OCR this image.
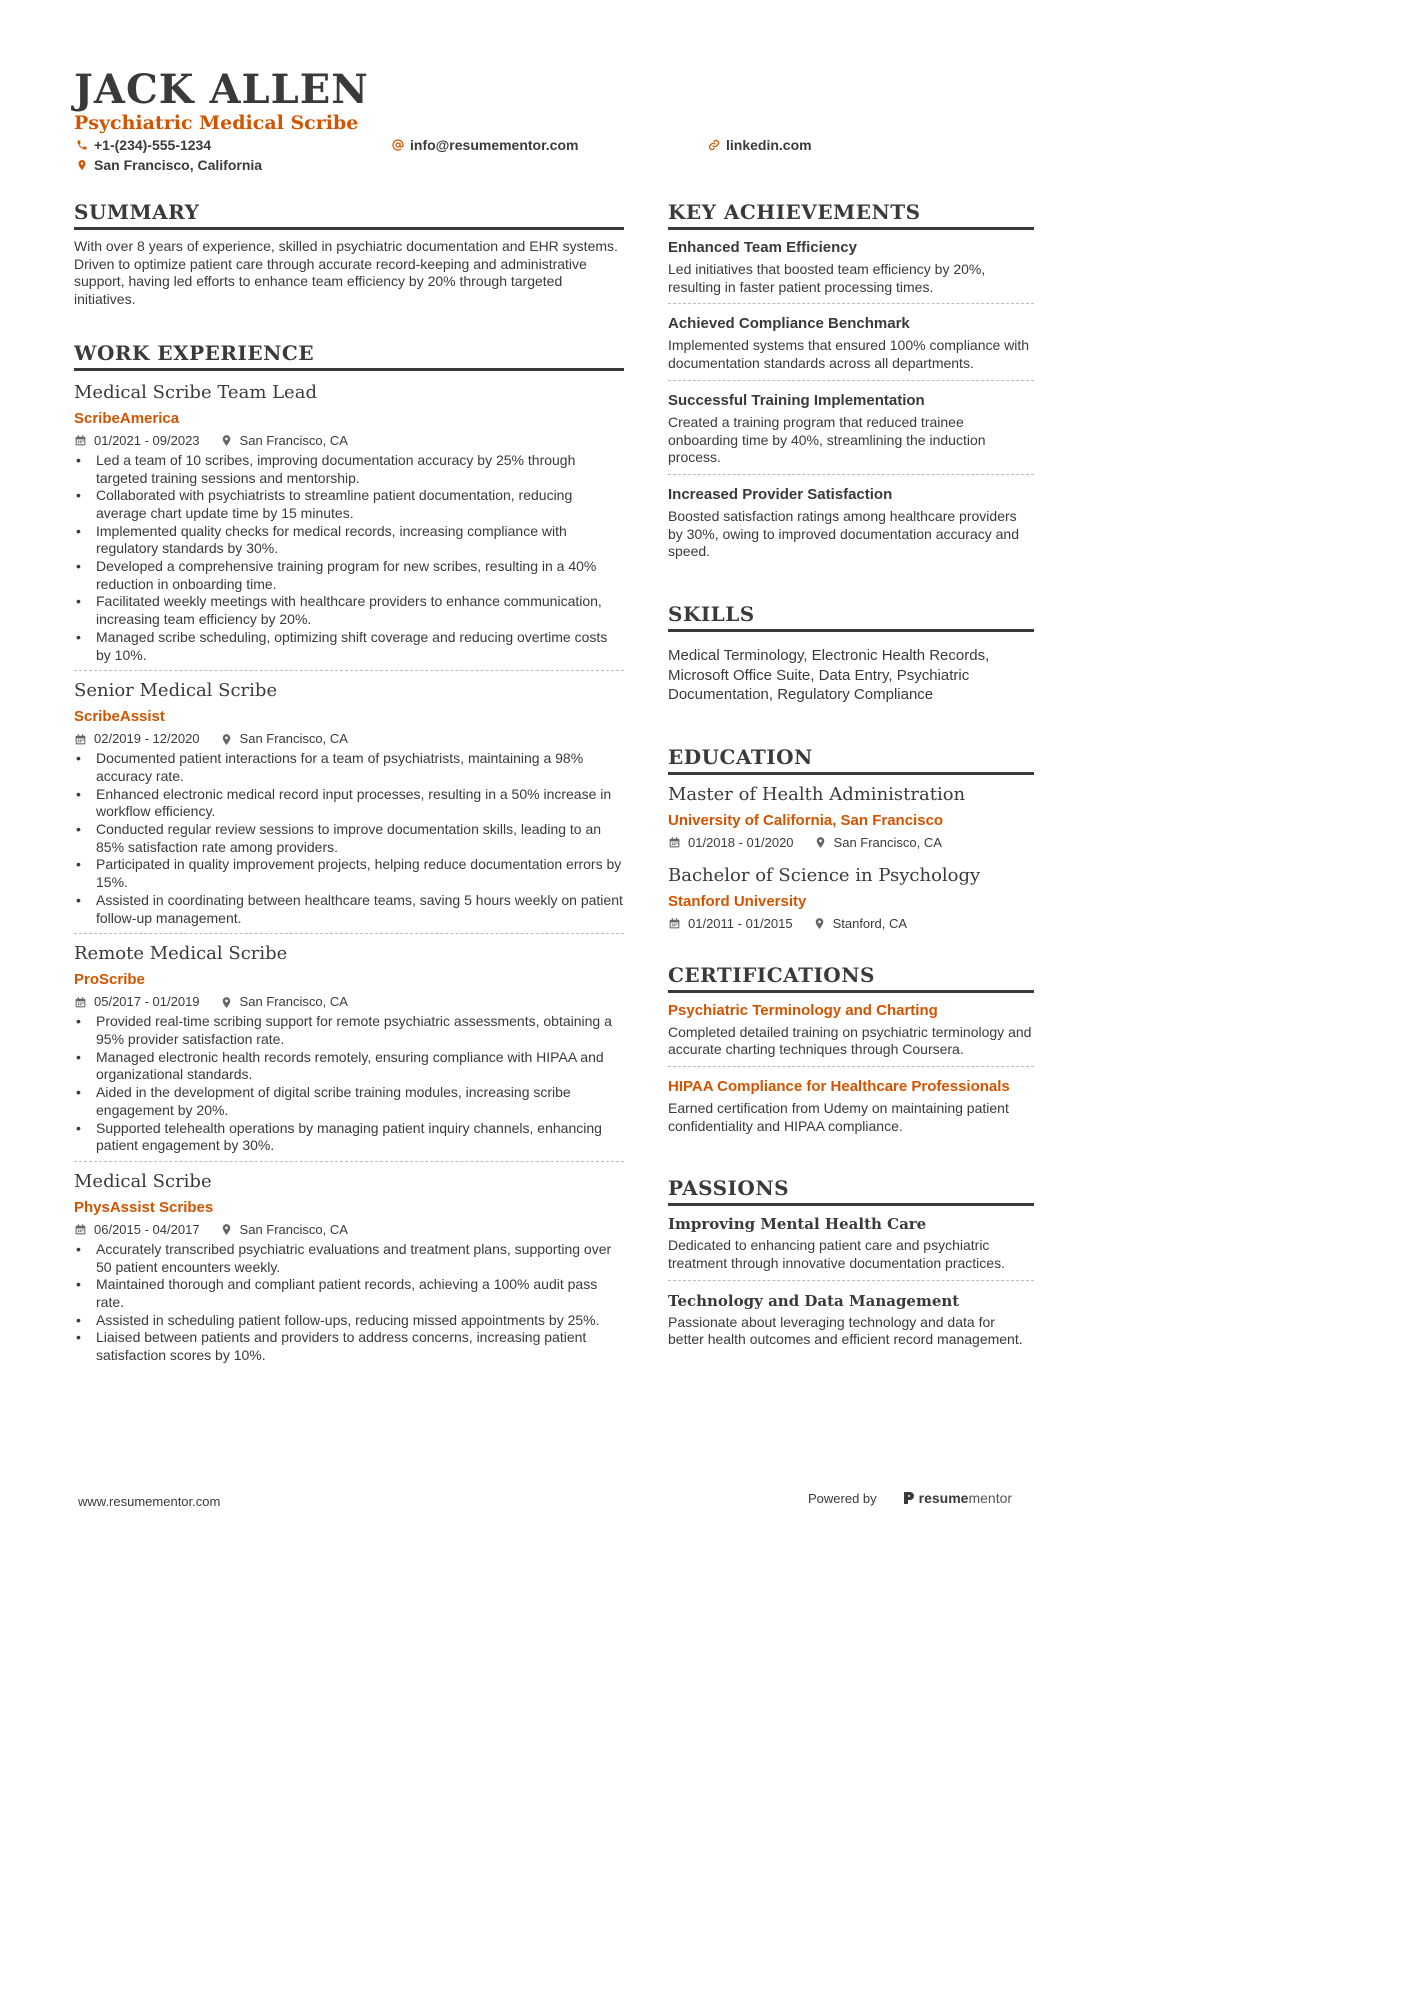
JACK ALLEN
Psychiatric Medical Scribe
+1-(234)-555-1234	info@resumementor.com	linkedin.com
San Francisco, California
SUMMARY
With over 8 years of experience, skilled in psychiatric documentation and EHR systems. Driven to optimize patient care through accurate record-keeping and administrative support, having led efforts to enhance team efficiency by 20% through targeted initiatives.
WORK EXPERIENCE
Medical Scribe Team Lead
ScribeAmerica
01/2021 - 09/2023	San Francisco, CA
• Led a team of 10 scribes, improving documentation accuracy by 25% through targeted training sessions and mentorship.
• Collaborated with psychiatrists to streamline patient documentation, reducing average chart update time by 15 minutes.
• Implemented quality checks for medical records, increasing compliance with regulatory standards by 30%.
• Developed a comprehensive training program for new scribes, resulting in a 40% reduction in onboarding time.
• Facilitated weekly meetings with healthcare providers to enhance communication, increasing team efficiency by 20%.
• Managed scribe scheduling, optimizing shift coverage and reducing overtime costs by 10%.
Senior Medical Scribe
ScribeAssist
02/2019 - 12/2020	San Francisco, CA
• Documented patient interactions for a team of psychiatrists, maintaining a 98% accuracy rate.
• Enhanced electronic medical record input processes, resulting in a 50% increase in workflow efficiency.
• Conducted regular review sessions to improve documentation skills, leading to an 85% satisfaction rate among providers.
• Participated in quality improvement projects, helping reduce documentation errors by 15%.
• Assisted in coordinating between healthcare teams, saving 5 hours weekly on patient follow-up management.
Remote Medical Scribe
ProScribe
05/2017 - 01/2019	San Francisco, CA
• Provided real-time scribing support for remote psychiatric assessments, obtaining a 95% provider satisfaction rate.
• Managed electronic health records remotely, ensuring compliance with HIPAA and organizational standards.
• Aided in the development of digital scribe training modules, increasing scribe engagement by 20%.
• Supported telehealth operations by managing patient inquiry channels, enhancing patient engagement by 30%.
Medical Scribe
PhysAssist Scribes
06/2015 - 04/2017	San Francisco, CA
• Accurately transcribed psychiatric evaluations and treatment plans, supporting over 50 patient encounters weekly.
• Maintained thorough and compliant patient records, achieving a 100% audit pass rate.
• Assisted in scheduling patient follow-ups, reducing missed appointments by 25%.
• Liaised between patients and providers to address concerns, increasing patient satisfaction scores by 10%.
KEY ACHIEVEMENTS
Enhanced Team Efficiency
Led initiatives that boosted team efficiency by 20%, resulting in faster patient processing times.
Achieved Compliance Benchmark
Implemented systems that ensured 100% compliance with documentation standards across all departments.
Successful Training Implementation
Created a training program that reduced trainee onboarding time by 40%, streamlining the induction process.
Increased Provider Satisfaction
Boosted satisfaction ratings among healthcare providers by 30%, owing to improved documentation accuracy and speed.
SKILLS
Medical Terminology, Electronic Health Records, Microsoft Office Suite, Data Entry, Psychiatric Documentation, Regulatory Compliance
EDUCATION
Master of Health Administration
University of California, San Francisco
01/2018 - 01/2020	San Francisco, CA
Bachelor of Science in Psychology
Stanford University
01/2011 - 01/2015	Stanford, CA
CERTIFICATIONS
Psychiatric Terminology and Charting
Completed detailed training on psychiatric terminology and accurate charting techniques through Coursera.
HIPAA Compliance for Healthcare Professionals
Earned certification from Udemy on maintaining patient confidentiality and HIPAA compliance.
PASSIONS
Improving Mental Health Care
Dedicated to enhancing patient care and psychiatric treatment through innovative documentation practices.
Technology and Data Management
Passionate about leveraging technology and data for better health outcomes and efficient record management.
www.resumementor.com	Powered by	resume mentor
